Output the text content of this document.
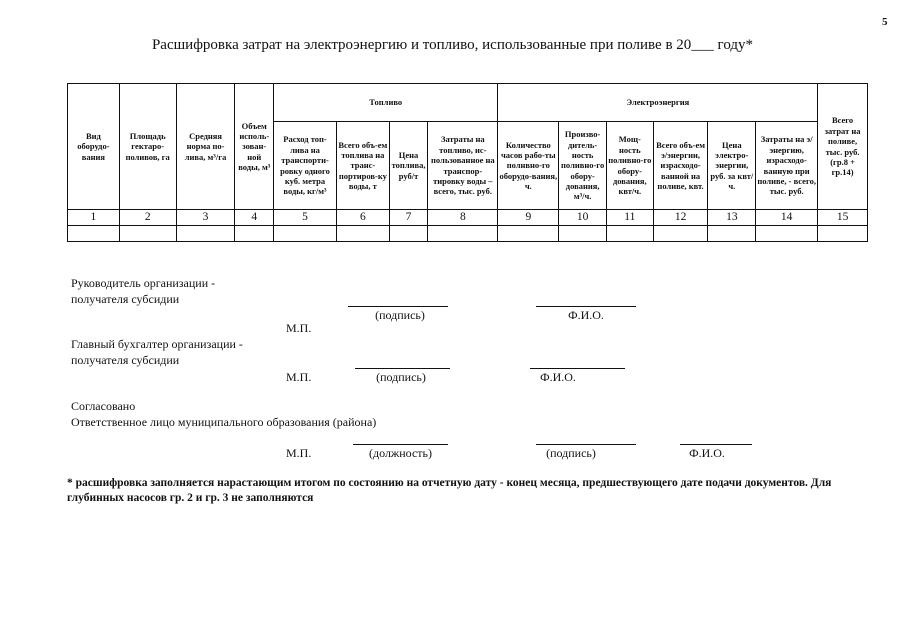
5
Расшифровка затрат на электроэнергию и топливо, использованные при поливе в 20___ году*
Вид оборудо-вания	Площадь гектаро-поливов, га	Средняя норма по-лива, м³/га	Объем исполь-зован-ной воды, м³	Топливо				Электроэнергия						Всего затрат на поливе, тыс. руб. (гр.8 + гр.14)
				Расход топ-лива на транспорти-ровку одного куб. метра воды, кг/м³	Всего объ-ем топлива на транс-портиров-ку воды, т	Цена топлива, руб/т	Затраты на топливо, ис-пользованное на транспор-тировку воды – всего, тыс. руб.	Количество часов рабо-ты полнвно-го оборудо-вания, ч.	Произво-дитель-ность поливно-го обору-дования, м³/ч.	Мощ-ность поливно-го обору-дования, квт/ч.	Всего объ-ем э/энергии, израсходо-ванной на поливе, квт.	Цена электро-энергии, руб. за квт/ч.	Затраты на э/энергию, израсходо-ванную при поливе, - всего, тыс. руб.	
1	2	3	4	5	6	7	8	9	10	11	12	13	14	15

Руководитель организации -
получателя субсидии
(подпись)	Ф.И.О.
М.П.
Главный бухгалтер организации -
получателя субсидии
М.П.	(подпись)	Ф.И.О.
Согласовано
Ответственное лицо муниципального образования (района)
М.П.	(должность)	(подпись)	Ф.И.О.
* расшифровка заполняется нарастающим итогом по состоянию на отчетную дату - конец месяца, предшествующего дате подачи документов. Для глубинных насосов гр. 2 и гр. 3 не заполняются
